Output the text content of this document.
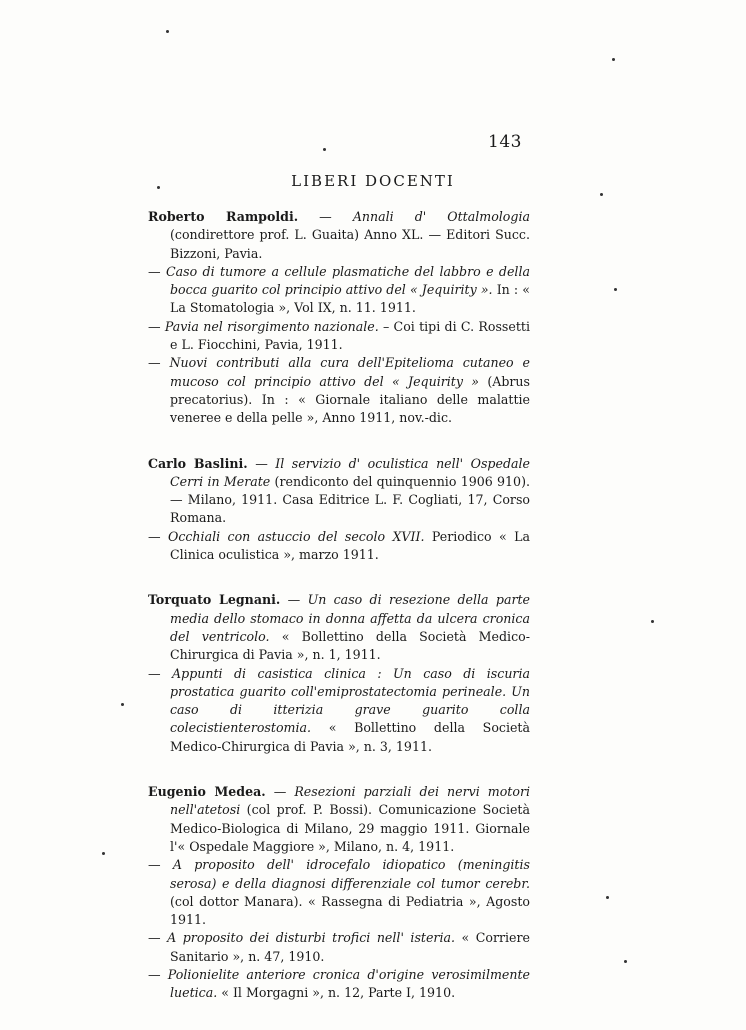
143
LIBERI DOCENTI

Roberto Rampoldi. — Annali d' Ottalmologia (condirettore prof. L. Guaita) Anno XL. — Editori Succ. Bizzoni, Pavia.

— Caso di tumore a cellule plasmatiche del labbro e della bocca guarito col principio attivo del « Jequirity ». In : « La Stomatologia », Vol IX, n. 11. 1911.

— Pavia nel risorgimento nazionale. – Coi tipi di C. Rossetti e L. Fiocchini, Pavia, 1911.

— Nuovi contributi alla cura dell'Epitelioma cutaneo e mucoso col principio attivo del « Jequirity » (Abrus precatorius). In : « Giornale italiano delle malattie veneree e della pelle », Anno 1911, nov.-dic.

Carlo Baslini. — Il servizio d' oculistica nell' Ospedale Cerri in Merate (rendiconto del quinquennio 1906 910). — Milano, 1911. Casa Editrice L. F. Cogliati, 17, Corso Romana.

— Occhiali con astuccio del secolo XVII. Periodico « La Clinica oculistica », marzo 1911.

Torquato Legnani. — Un caso di resezione della parte media dello stomaco in donna affetta da ulcera cronica del ventricolo. « Bollettino della Società Medico-Chirurgica di Pavia », n. 1, 1911.

— Appunti di casistica clinica : Un caso di iscuria prostatica guarito coll'emiprostatectomia perineale. Un caso di itterizia grave guarito colla colecistienterostomia. « Bollettino della Società Medico-Chirurgica di Pavia », n. 3, 1911.

Eugenio Medea. — Resezioni parziali dei nervi motori nell'atetosi (col prof. P. Bossi). Comunicazione Società Medico-Biologica di Milano, 29 maggio 1911. Giornale l'« Ospedale Maggiore », Milano, n. 4, 1911.

— A proposito dell' idrocefalo idiopatico (meningitis serosa) e della diagnosi differenziale col tumor cerebr. (col dottor Manara). « Rassegna di Pediatria », Agosto 1911.

— A proposito dei disturbi trofici nell' isteria. « Corriere Sanitario », n. 47, 1910.

— Polionielite anteriore cronica d'origine verosimilmente luetica. « Il Morgagni », n. 12, Parte I, 1910.
